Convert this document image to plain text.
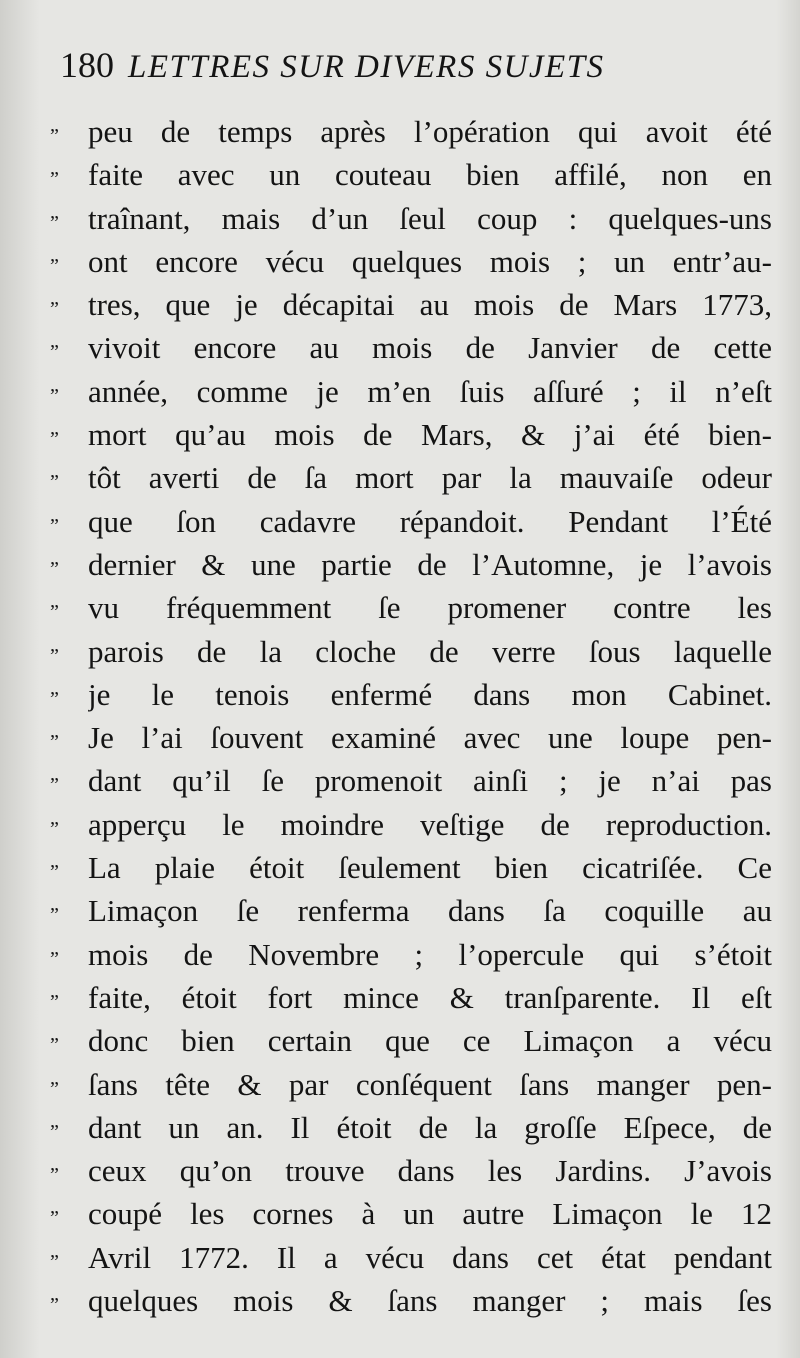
180 LETTRES SUR DIVERS SUJETS
” peu de temps après l’opération qui avoit été
” faite avec un couteau bien affilé, non en
” traînant, mais d’un ſeul coup : quelques-uns
” ont encore vécu quelques mois ; un entr’au-
” tres, que je décapitai au mois de Mars 1773,
” vivoit encore au mois de Janvier de cette
” année, comme je m’en ſuis aſſuré ; il n’eſt
” mort qu’au mois de Mars, & j’ai été bien-
” tôt averti de ſa mort par la mauvaiſe odeur
” que ſon cadavre répandoit. Pendant l’Été
” dernier & une partie de l’Automne, je l’avois
” vu fréquemment ſe promener contre les
” parois de la cloche de verre ſous laquelle
” je le tenois enfermé dans mon Cabinet.
” Je l’ai ſouvent examiné avec une loupe pen-
” dant qu’il ſe promenoit ainſi ; je n’ai pas
” apperçu le moindre veſtige de reproduction.
” La plaie étoit ſeulement bien cicatriſée. Ce
” Limaçon ſe renferma dans ſa coquille au
” mois de Novembre ; l’opercule qui s’étoit
” faite, étoit fort mince & tranſparente. Il eſt
” donc bien certain que ce Limaçon a vécu
” ſans tête & par conſéquent ſans manger pen-
” dant un an. Il étoit de la groſſe Eſpece, de
” ceux qu’on trouve dans les Jardins. J’avois
” coupé les cornes à un autre Limaçon le 12
” Avril 1772. Il a vécu dans cet état pendant
” quelques mois & ſans manger ; mais ſes
